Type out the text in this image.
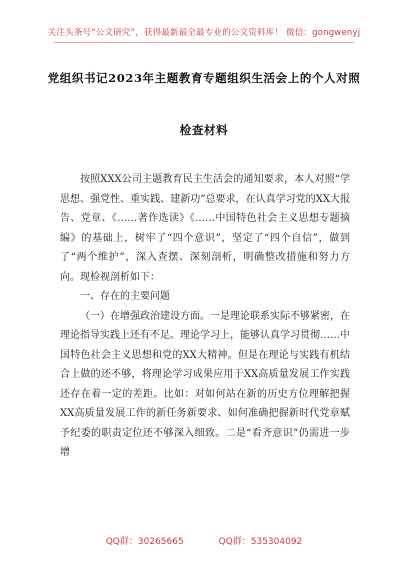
关注头条号“公文研究”，获得最新最全最专业的公文资料库！ 微信：gongwenyj
党组织书记2023年主题教育专题组织生活会上的个人对照
检查材料

按照XXX公司主题教育民主生活会的通知要求，本人对照“学思想、强党性、重实践、建新功”总要求，在认真学习党的XX大报告、党章、《……著作选读》《……中国特色社会主义思想专题摘编》的基础上，树牢了“四个意识”，坚定了“四个自信”，做到了“两个维护”，深入查摆、深刻剖析，明确整改措施和努力方向。现检视剖析如下：

一、存在的主要问题

（一）在增强政治建设方面。一是理论联系实际不够紧密，在理论指导实践上还有不足。理论学习上，能够认真学习贯彻……中国特色社会主义思想和党的XX大精神。但是在理论与实践有机结合上做的还不够，将理论学习成果应用于XX高质量发展工作实践还存在着一定的差距。比如：对如何站在新的历史方位理解把握XX高质量发展工作的新任务新要求、如何准确把握新时代党章赋予纪委的职责定位还不够深入细致。二是“看齐意识”仍需进一步增

QQ群：30265665	QQ群：535304092
